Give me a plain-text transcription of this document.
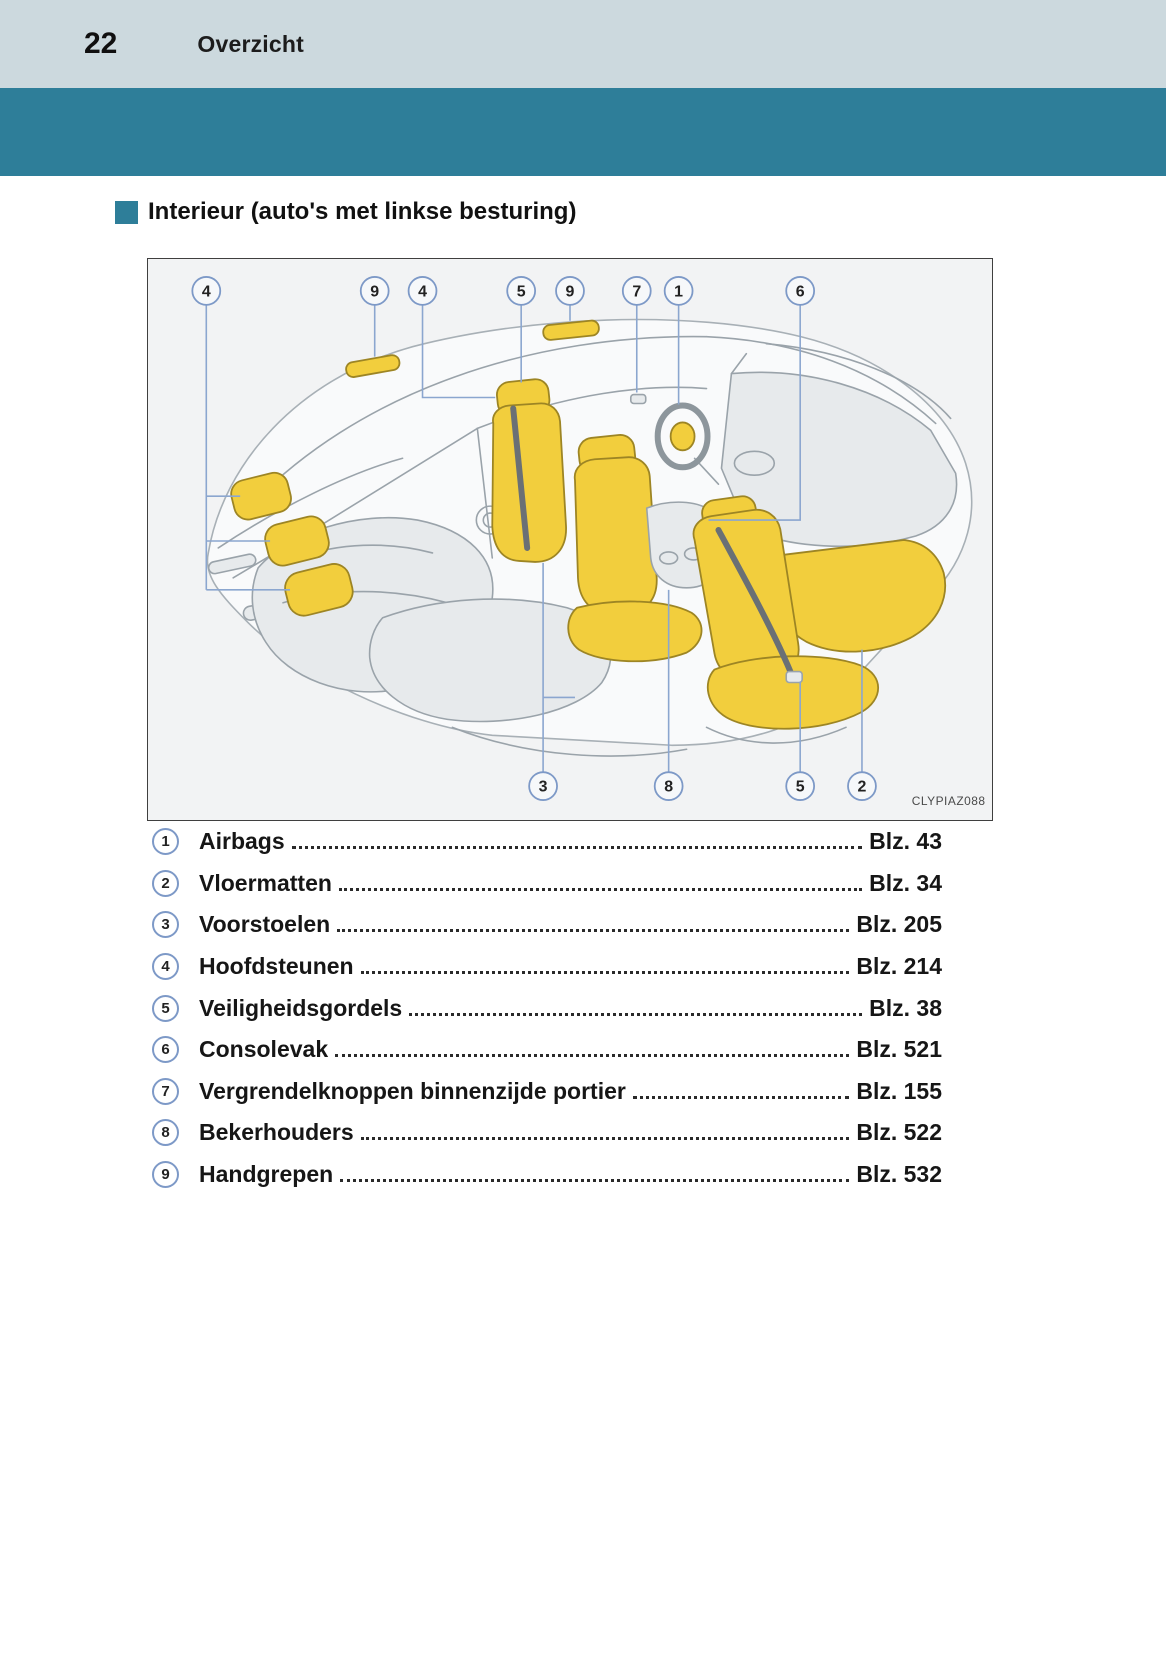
22	Overzicht
Interieur (auto's met linkse besturing)
4	9 4	5 9	7 1	6
3	8	5	2
CLYPIAZ088
1	Airbags	Blz. 43
2	Vloermatten	Blz. 34
3	Voorstoelen	Blz. 205
4	Hoofdsteunen	Blz. 214
5	Veiligheidsgordels	Blz. 38
6	Consolevak	Blz. 521
7	Vergrendelknoppen binnenzijde portier	Blz. 155
8	Bekerhouders	Blz. 522
9	Handgrepen	Blz. 532
